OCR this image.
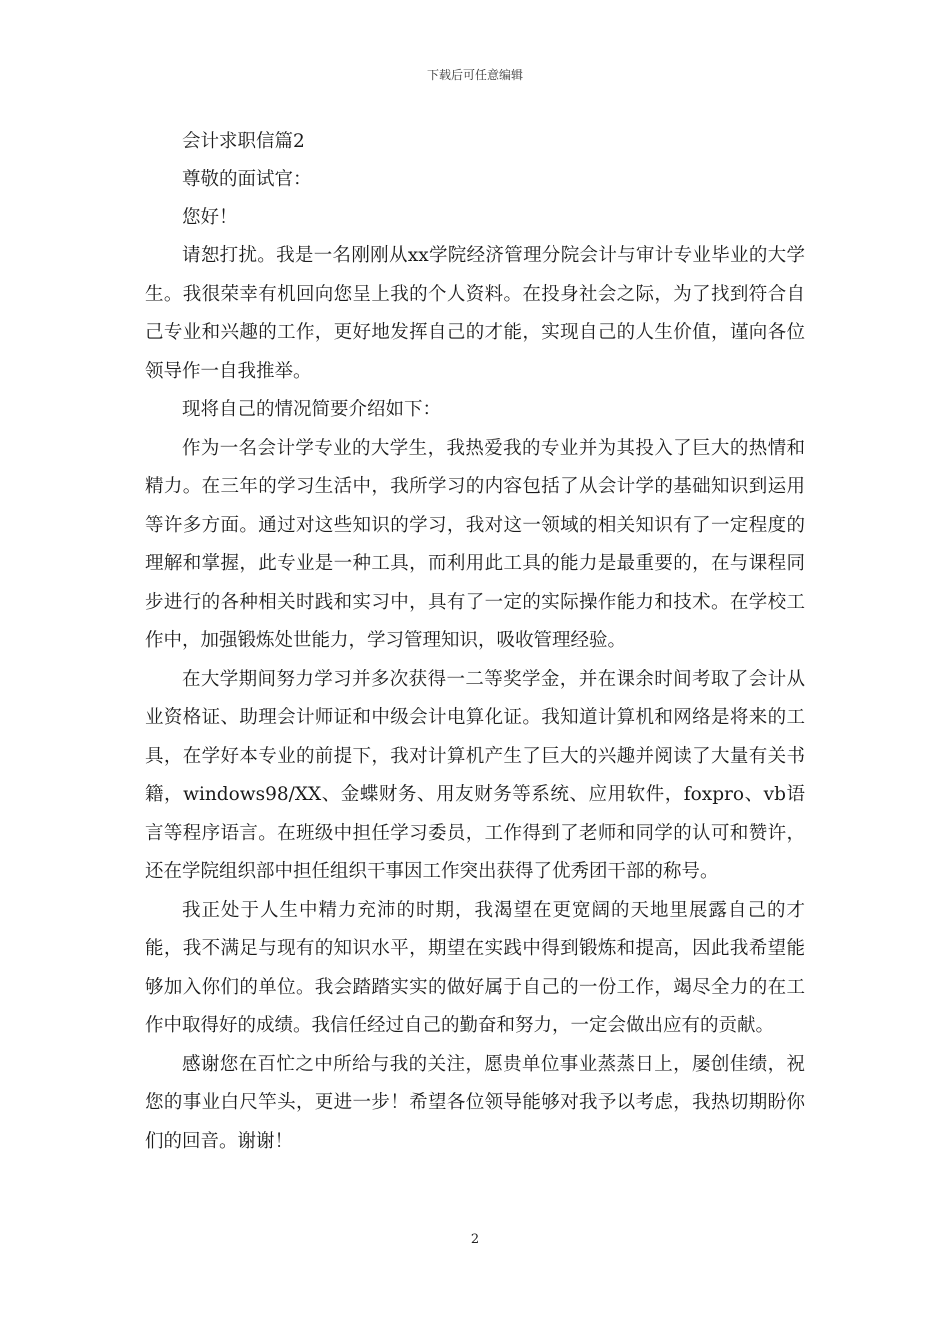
下载后可任意编辑

会计求职信篇2

尊敬的面试官：

您好！

请恕打扰。我是一名刚刚从xx学院经济管理分院会计与审计专业毕业的大学生。我很荣幸有机回向您呈上我的个人资料。在投身社会之际，为了找到符合自己专业和兴趣的工作，更好地发挥自己的才能，实现自己的人生价值，谨向各位领导作一自我推举。

现将自己的情况简要介绍如下：

作为一名会计学专业的大学生，我热爱我的专业并为其投入了巨大的热情和精力。在三年的学习生活中，我所学习的内容包括了从会计学的基础知识到运用等许多方面。通过对这些知识的学习，我对这一领域的相关知识有了一定程度的理解和掌握，此专业是一种工具，而利用此工具的能力是最重要的，在与课程同步进行的各种相关时践和实习中，具有了一定的实际操作能力和技术。在学校工作中，加强锻炼处世能力，学习管理知识，吸收管理经验。

在大学期间努力学习并多次获得一二等奖学金，并在课余时间考取了会计从业资格证、助理会计师证和中级会计电算化证。我知道计算机和网络是将来的工具，在学好本专业的前提下，我对计算机产生了巨大的兴趣并阅读了大量有关书籍，windows98/XX、金蝶财务、用友财务等系统、应用软件，foxpro、vb语言等程序语言。在班级中担任学习委员，工作得到了老师和同学的认可和赞许，还在学院组织部中担任组织干事因工作突出获得了优秀团干部的称号。

我正处于人生中精力充沛的时期，我渴望在更宽阔的天地里展露自己的才能，我不满足与现有的知识水平，期望在实践中得到锻炼和提高，因此我希望能够加入你们的单位。我会踏踏实实的做好属于自己的一份工作，竭尽全力的在工作中取得好的成绩。我信任经过自己的勤奋和努力，一定会做出应有的贡献。

感谢您在百忙之中所给与我的关注，愿贵单位事业蒸蒸日上，屡创佳绩，祝您的事业白尺竿头，更进一步！希望各位领导能够对我予以考虑，我热切期盼你们的回音。谢谢！

2
